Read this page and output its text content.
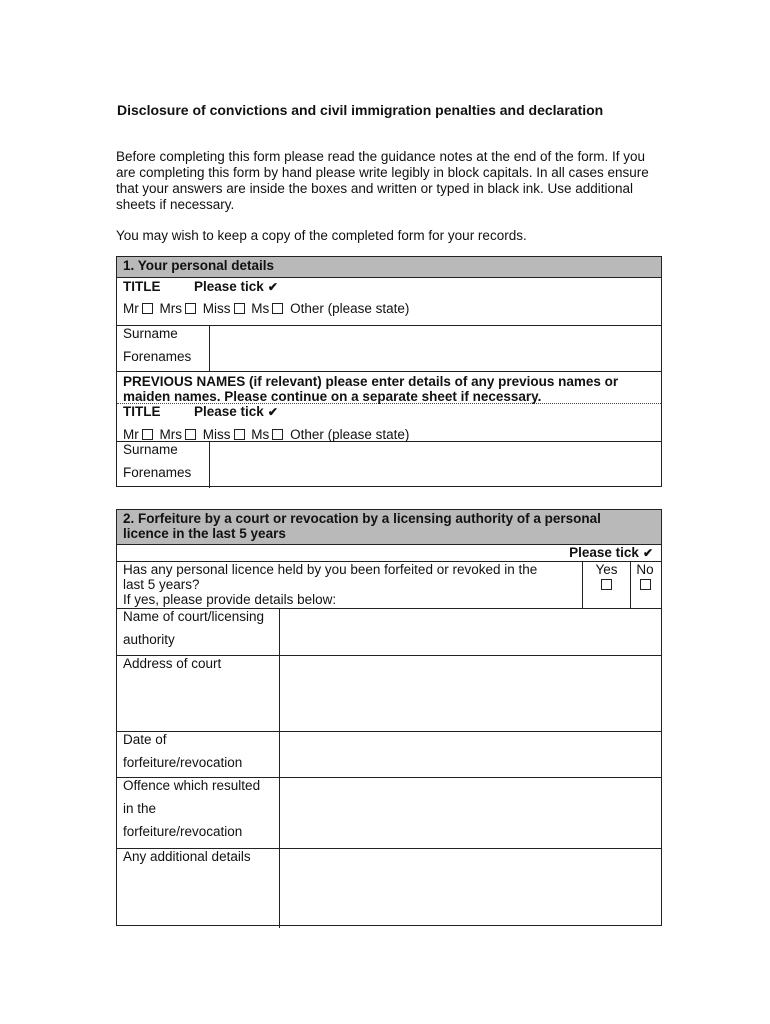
Disclosure of convictions and civil immigration penalties and declaration

Before completing this form please read the guidance notes at the end of the form. If you are completing this form by hand please write legibly in block capitals. In all cases ensure that your answers are inside the boxes and written or typed in black ink. Use additional sheets if necessary.

You may wish to keep a copy of the completed form for your records.

1. Your personal details
TITLE Please tick ✔
Mr Mrs Miss Ms Other (please state)
Surname
Forenames
PREVIOUS NAMES (if relevant) please enter details of any previous names or
maiden names. Please continue on a separate sheet if necessary.
TITLE Please tick ✔
Mr Mrs Miss Ms Other (please state)
Surname
Forenames
2. Forfeiture by a court or revocation by a licensing authority of a personal
licence in the last 5 years
Please tick ✔
Has any personal licence held by you been forfeited or revoked in the
last 5 years?
If yes, please provide details below:
Yes	No
Name of court/licensing
authority
Address of court
Date of
forfeiture/revocation
Offence which resulted
in the
forfeiture/revocation
Any additional details
